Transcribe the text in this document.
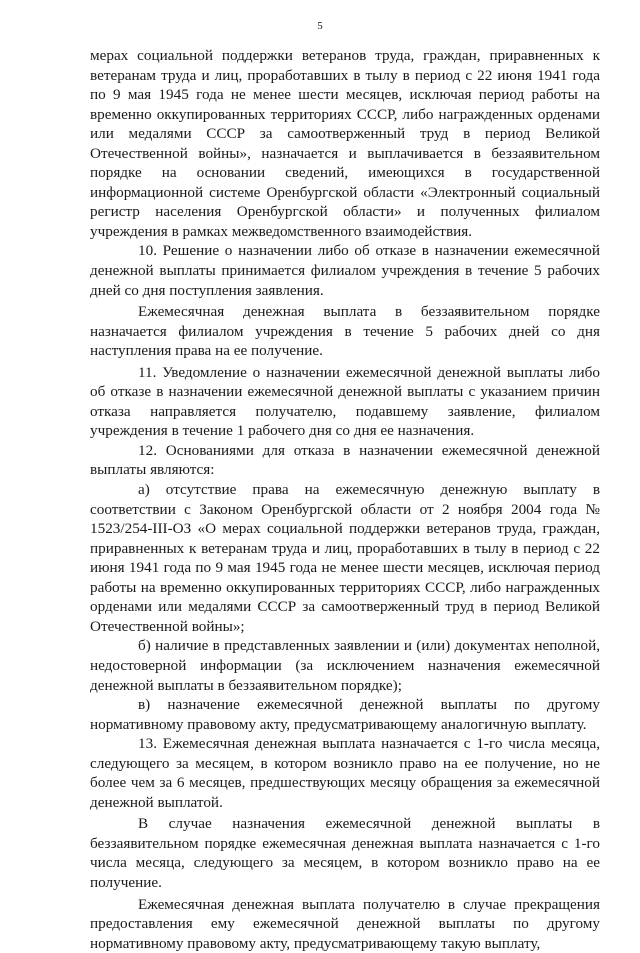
5

мерах социальной поддержки ветеранов труда, граждан, приравненных к ветеранам труда и лиц, проработавших в тылу в период с 22 июня 1941 года по 9 мая 1945 года не менее шести месяцев, исключая период работы на временно оккупированных территориях СССР, либо награжденных орденами или медалями СССР за самоотверженный труд в период Великой Отечественной войны», назначается и выплачивается в беззаявительном порядке на основании сведений, имеющихся в государственной информационной системе Оренбургской области «Электронный социальный регистр населения Оренбургской области» и полученных филиалом учреждения в рамках межведомственного взаимодействия.

10. Решение о назначении либо об отказе в назначении ежемесячной денежной выплаты принимается филиалом учреждения в течение 5 рабочих дней со дня поступления заявления.

Ежемесячная денежная выплата в беззаявительном порядке назначается филиалом учреждения в течение 5 рабочих дней со дня наступления права на ее получение.

11. Уведомление о назначении ежемесячной денежной выплаты либо об отказе в назначении ежемесячной денежной выплаты с указанием причин отказа направляется получателю, подавшему заявление, филиалом учреждения в течение 1 рабочего дня со дня ее назначения.

12. Основаниями для отказа в назначении ежемесячной денежной выплаты являются:

а) отсутствие права на ежемесячную денежную выплату в соответствии с Законом Оренбургской области от 2 ноября 2004 года № 1523/254-III-ОЗ «О мерах социальной поддержки ветеранов труда, граждан, приравненных к ветеранам труда и лиц, проработавших в тылу в период с 22 июня 1941 года по 9 мая 1945 года не менее шести месяцев, исключая период работы на временно оккупированных территориях СССР, либо награжденных орденами или медалями СССР за самоотверженный труд в период Великой Отечественной войны»;

б) наличие в представленных заявлении и (или) документах неполной, недостоверной информации (за исключением назначения ежемесячной денежной выплаты в беззаявительном порядке);

в) назначение ежемесячной денежной выплаты по другому нормативному правовому акту, предусматривающему аналогичную выплату.

13. Ежемесячная денежная выплата назначается с 1-го числа месяца, следующего за месяцем, в котором возникло право на ее получение, но не более чем за 6 месяцев, предшествующих месяцу обращения за ежемесячной денежной выплатой.

В случае назначения ежемесячной денежной выплаты в беззаявительном порядке ежемесячная денежная выплата назначается с 1-го числа месяца, следующего за месяцем, в котором возникло право на ее получение.

Ежемесячная денежная выплата получателю в случае прекращения предоставления ему ежемесячной денежной выплаты по другому нормативному правовому акту, предусматривающему такую выплату,
